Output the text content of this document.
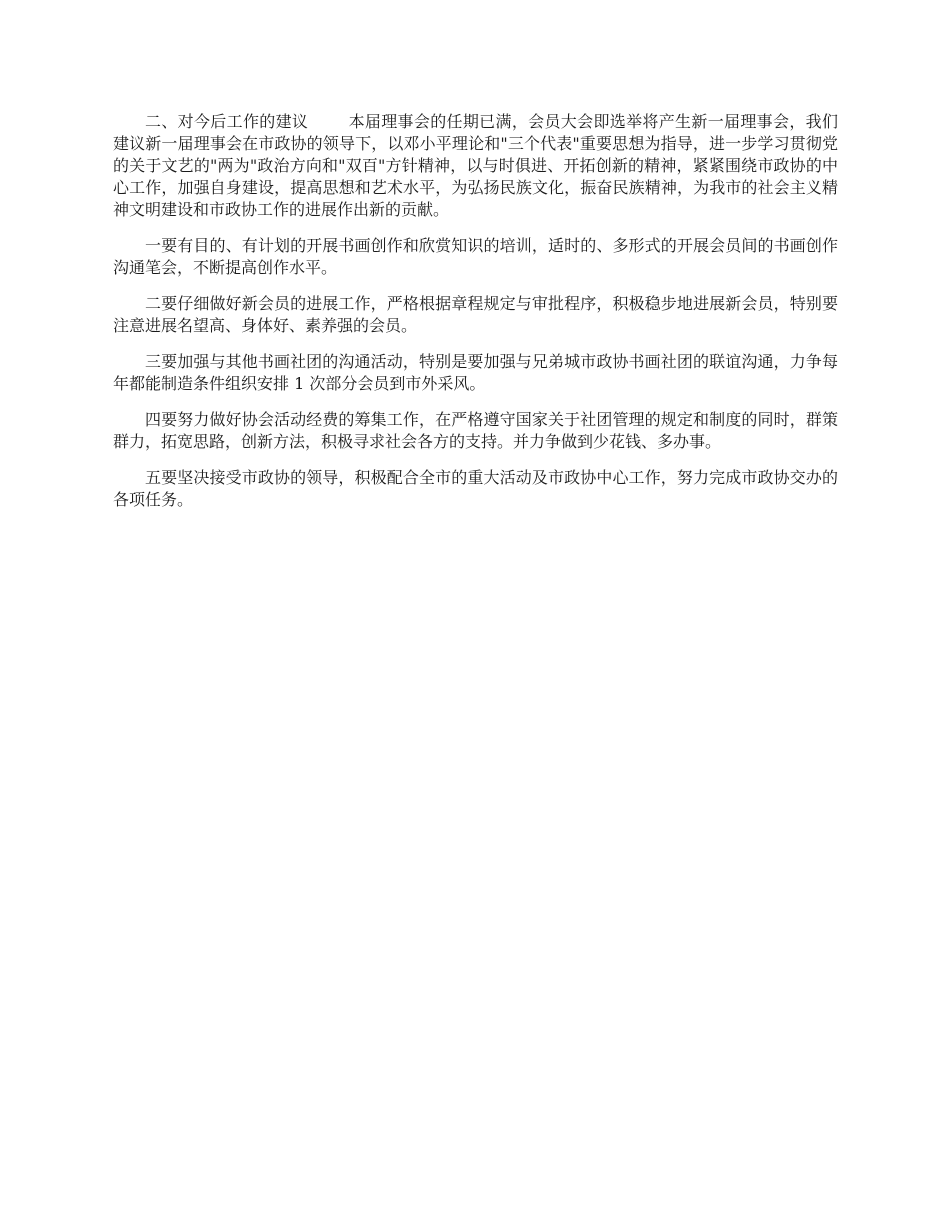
二、对今后工作的建议	本届理事会的任期已满，会员大会即选举将产生新一届理事会，我们建议新一届理事会在市政协的领导下，以邓小平理论和"三个代表"重要思想为指导，进一步学习贯彻党的关于文艺的"两为"政治方向和"双百"方针精神，以与时俱进、开拓创新的精神，紧紧围绕市政协的中心工作，加强自身建设，提高思想和艺术水平，为弘扬民族文化，振奋民族精神，为我市的社会主义精神文明建设和市政协工作的进展作出新的贡献。

一要有目的、有计划的开展书画创作和欣赏知识的培训，适时的、多形式的开展会员间的书画创作沟通笔会，不断提高创作水平。

二要仔细做好新会员的进展工作，严格根据章程规定与审批程序，积极稳步地进展新会员，特别要注意进展名望高、身体好、素养强的会员。

三要加强与其他书画社团的沟通活动，特别是要加强与兄弟城市政协书画社团的联谊沟通，力争每年都能制造条件组织安排 1 次部分会员到市外采风。

四要努力做好协会活动经费的筹集工作，在严格遵守国家关于社团管理的规定和制度的同时，群策群力，拓宽思路，创新方法，积极寻求社会各方的支持。并力争做到少花钱、多办事。

五要坚决接受市政协的领导，积极配合全市的重大活动及市政协中心工作，努力完成市政协交办的各项任务。
